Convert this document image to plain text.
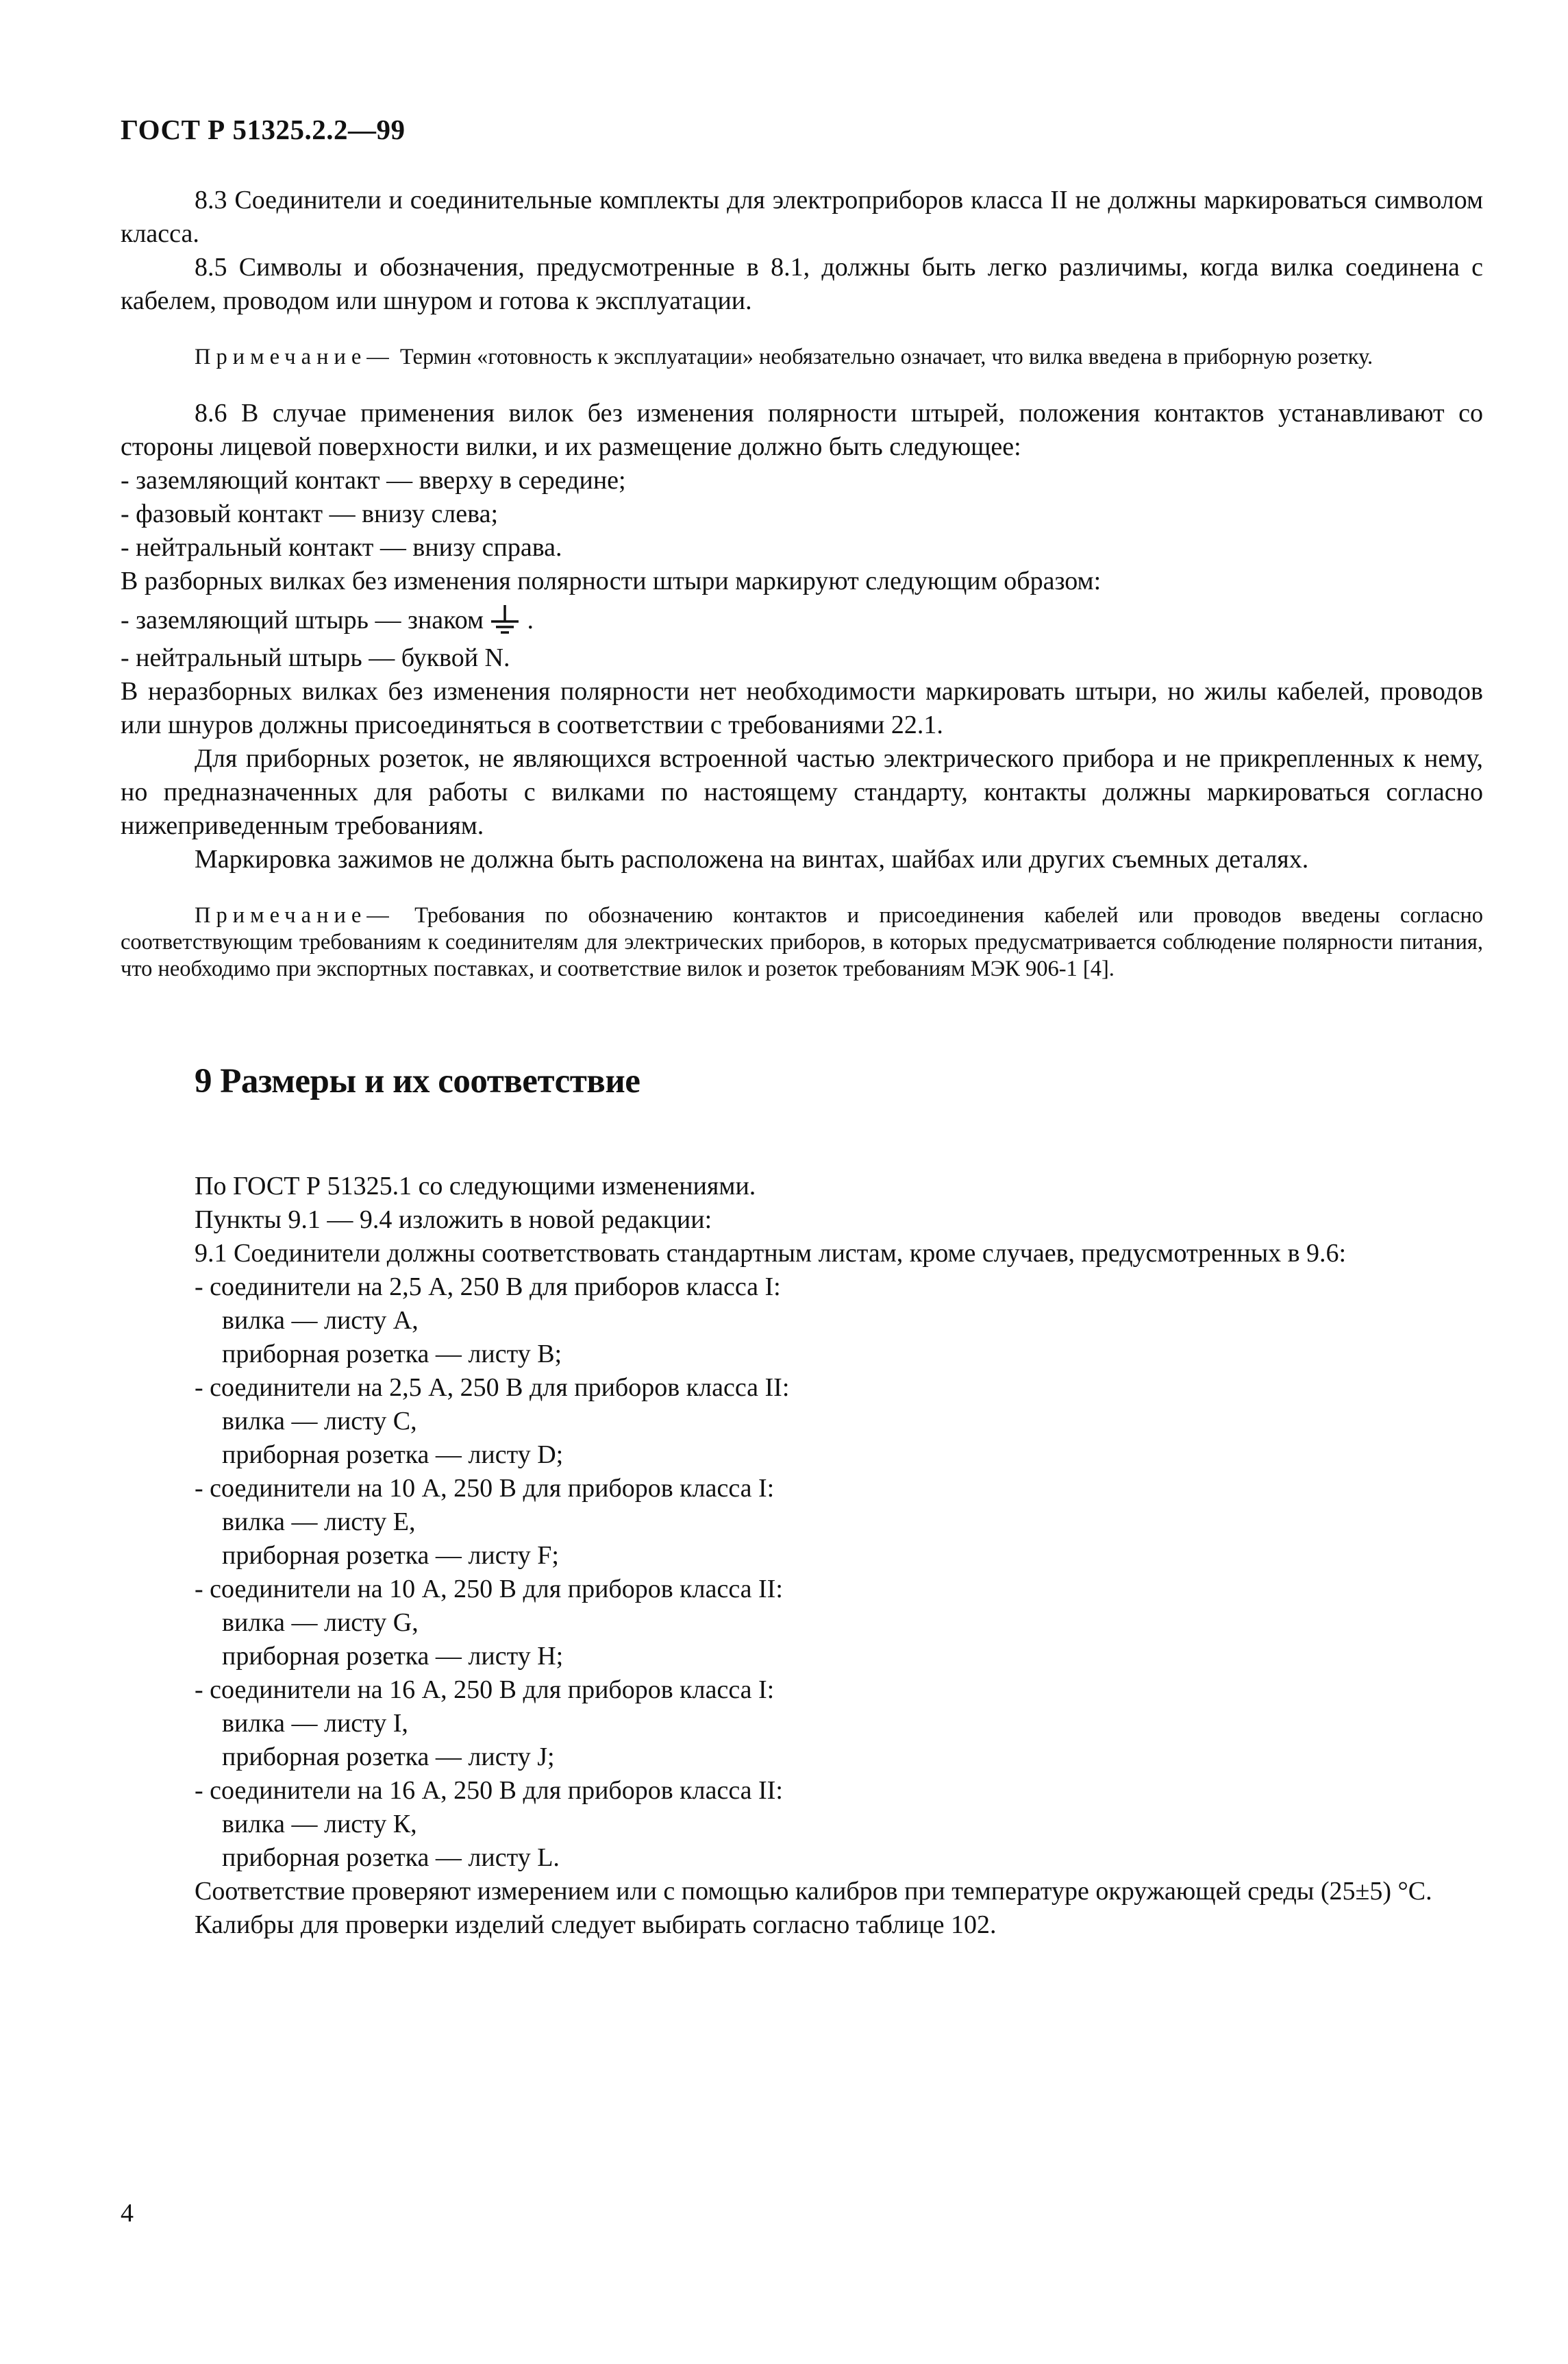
ГОСТ Р 51325.2.2—99
8.3 Соединители и соединительные комплекты для электроприборов класса II не должны маркироваться символом класса.
8.5 Символы и обозначения, предусмотренные в 8.1, должны быть легко различимы, когда вилка соединена с кабелем, проводом или шнуром и готова к эксплуатации.
Примечание— Термин «готовность к эксплуатации» необязательно означает, что вилка введена в приборную розетку.
8.6 В случае применения вилок без изменения полярности штырей, положения контактов устанавливают со стороны лицевой поверхности вилки, и их размещение должно быть следующее:
- заземляющий контакт — вверху в середине;
- фазовый контакт — внизу слева;
- нейтральный контакт — внизу справа.
В разборных вилках без изменения полярности штыри маркируют следующим образом:
- заземляющий штырь — знаком .
- нейтральный штырь — буквой N.
В неразборных вилках без изменения полярности нет необходимости маркировать штыри, но жилы кабелей, проводов или шнуров должны присоединяться в соответствии с требованиями 22.1.
Для приборных розеток, не являющихся встроенной частью электрического прибора и не прикрепленных к нему, но предназначенных для работы с вилками по настоящему стандарту, контакты должны маркироваться согласно нижеприведенным требованиям.
Маркировка зажимов не должна быть расположена на винтах, шайбах или других съемных деталях.
Примечание— Требования по обозначению контактов и присоединения кабелей или проводов введены согласно соответствующим требованиям к соединителям для электрических приборов, в которых предусматривается соблюдение полярности питания, что необходимо при экспортных поставках, и соответствие вилок и розеток требованиям МЭК 906-1 [4].
9 Размеры и их соответствие
По ГОСТ Р 51325.1 со следующими изменениями.
Пункты 9.1 — 9.4 изложить в новой редакции:
9.1 Соединители должны соответствовать стандартным листам, кроме случаев, предусмотренных в 9.6:
- соединители на 2,5 А, 250 В для приборов класса I:
вилка — листу А,
приборная розетка — листу В;
- соединители на 2,5 А, 250 В для приборов класса II:
вилка — листу С,
приборная розетка — листу D;
- соединители на 10 А, 250 В для приборов класса I:
вилка — листу Е,
приборная розетка — листу F;
- соединители на 10 А, 250 В для приборов класса II:
вилка — листу G,
приборная розетка — листу Н;
- соединители на 16 А, 250 В для приборов класса I:
вилка — листу I,
приборная розетка — листу J;
- соединители на 16 А, 250 В для приборов класса II:
вилка — листу К,
приборная розетка — листу L.
Соответствие проверяют измерением или с помощью калибров при температуре окружающей среды (25±5) °С.
Калибры для проверки изделий следует выбирать согласно таблице 102.
4
